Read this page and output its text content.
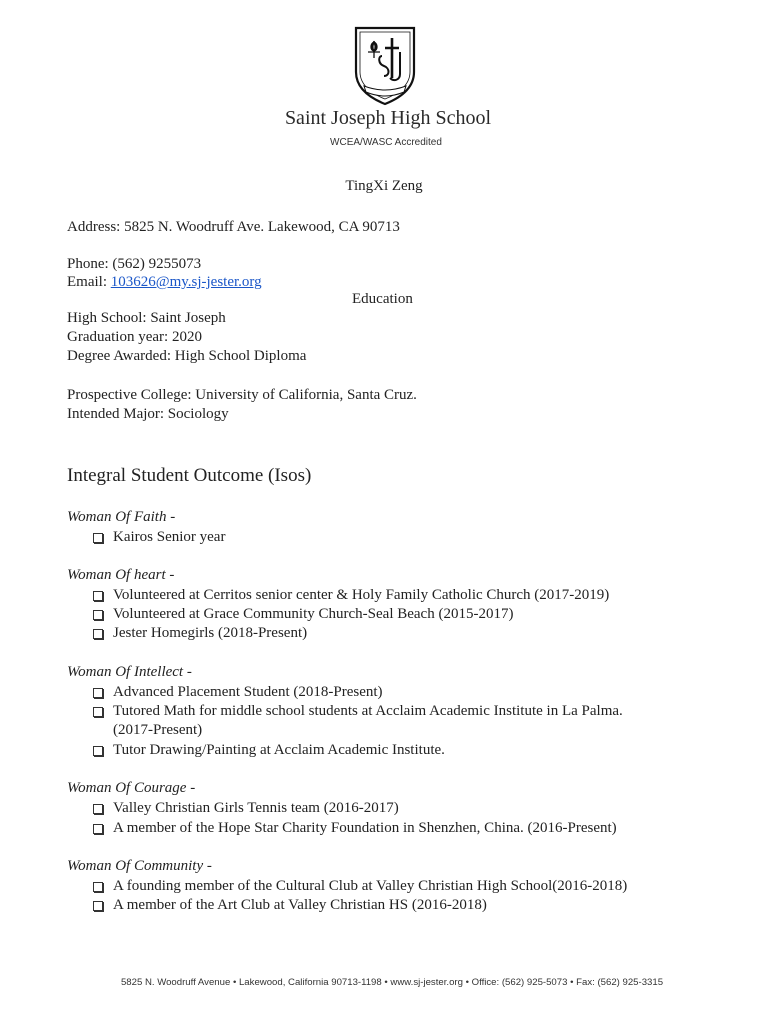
Saint Joseph High School
WCEA/WASC Accredited
TingXi Zeng
Address: 5825 N. Woodruff Ave. Lakewood, CA 90713
Phone: (562) 9255073
Email: 103626@my.sj-jester.org
Education
High School: Saint Joseph
Graduation year: 2020
Degree Awarded: High School Diploma
Prospective College: University of California, Santa Cruz.
Intended Major: Sociology
Integral Student Outcome (Isos)
Woman Of Faith -
Kairos Senior year
Woman Of heart -
Volunteered at Cerritos senior center & Holy Family Catholic Church (2017-2019)
Volunteered at Grace Community Church-Seal Beach (2015-2017)
Jester Homegirls (2018-Present)
Woman Of Intellect -
Advanced Placement Student (2018-Present)
Tutored Math for middle school students at Acclaim Academic Institute in La Palma.
(2017-Present)
Tutor Drawing/Painting at Acclaim Academic Institute.
Woman Of Courage -
Valley Christian Girls Tennis team (2016-2017)
A member of the Hope Star Charity Foundation in Shenzhen, China. (2016-Present)
Woman Of Community -
A founding member of the Cultural Club at Valley Christian High School(2016-2018)
A member of the Art Club at Valley Christian HS (2016-2018)
5825 N. Woodruff Avenue • Lakewood, California 90713-1198 • www.sj-jester.org • Office: (562) 925-5073 • Fax: (562) 925-3315
